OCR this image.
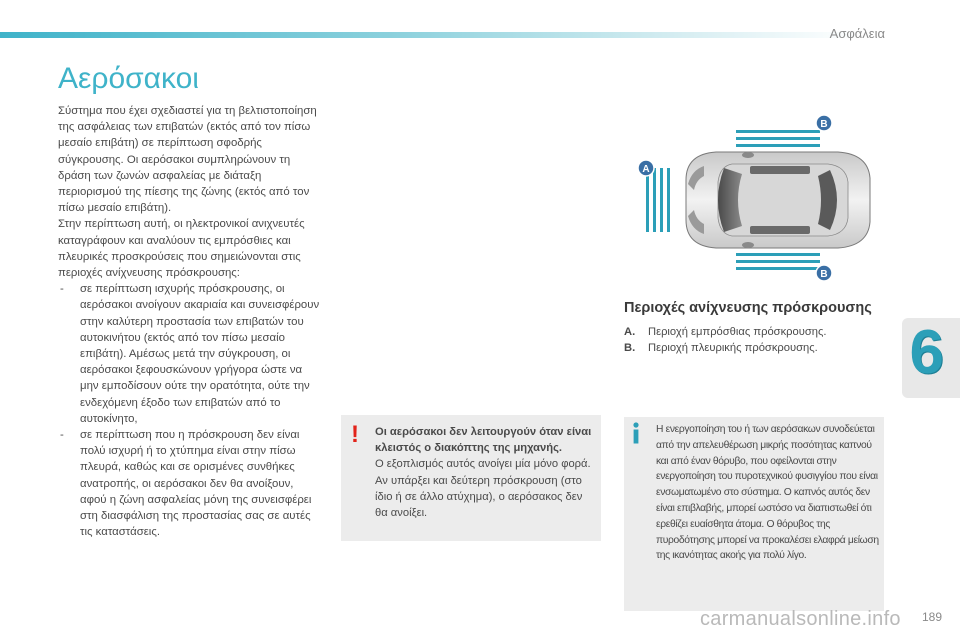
Ασφάλεια
6
Αερόσακοι

Σύστημα που έχει σχεδιαστεί για τη βελτιστοποίηση της ασφάλειας των επιβατών (εκτός από τον πίσω μεσαίο επιβάτη) σε περίπτωση σφοδρής σύγκρουσης. Οι αερόσακοι συμπληρώνουν τη δράση των ζωνών ασφαλείας με διάταξη περιορισμού της πίεσης της ζώνης (εκτός από τον πίσω μεσαίο επιβάτη).

Στην περίπτωση αυτή, οι ηλεκτρονικοί ανιχνευτές καταγράφουν και αναλύουν τις εμπρόσθιες και πλευρικές προσκρούσεις που σημειώνονται στις περιοχές ανίχνευσης πρόσκρουσης:

- σε περίπτωση ισχυρής πρόσκρουσης, οι αερόσακοι ανοίγουν ακαριαία και συνεισφέρουν στην καλύτερη προστασία των επιβατών του αυτοκινήτου (εκτός από τον πίσω μεσαίο επιβάτη). Αμέσως μετά την σύγκρουση, οι αερόσακοι ξεφουσκώνουν γρήγορα ώστε να μην εμποδίσουν ούτε την ορατότητα, ούτε την ενδεχόμενη έξοδο των επιβατών από το αυτοκίνητο,
- σε περίπτωση που η πρόσκρουση δεν είναι πολύ ισχυρή ή το χτύπημα είναι στην πίσω πλευρά, καθώς και σε ορισμένες συνθήκες ανατροπής, οι αερόσακοι δεν θα ανοίξουν, αφού η ζώνη ασφαλείας μόνη της συνεισφέρει στη διασφάλιση της προστασίας σας σε αυτές τις καταστάσεις.
!	Οι αερόσακοι δεν λειτουργούν όταν είναι κλειστός ο διακόπτης της μηχανής.
Ο εξοπλισμός αυτός ανοίγει μία μόνο φορά. Αν υπάρξει και δεύτερη πρόσκρουση (στο ίδιο ή σε άλλο ατύχημα), ο αερόσακος δεν θα ανοίξει.
A
B
B
Περιοχές ανίχνευσης πρόσκρουσης
A.	Περιοχή εμπρόσθιας πρόσκρουσης.
B.	Περιοχή πλευρικής πρόσκρουσης.
Η ενεργοποίηση του ή των αερόσακων συνοδεύεται από την απελευθέρωση μικρής ποσότητας καπνού και από έναν θόρυβο, που οφείλονται στην ενεργοποίηση του πυροτεχνικού φυσιγγίου που είναι ενσωματωμένο στο σύστημα. Ο καπνός αυτός δεν είναι επιβλαβής, μπορεί ωστόσο να διαπιστωθεί ότι ερεθίζει ευαίσθητα άτομα. Ο θόρυβος της πυροδότησης μπορεί να προκαλέσει ελαφρά μείωση της ικανότητας ακοής για πολύ λίγο.
carmanualsonline.info 189
